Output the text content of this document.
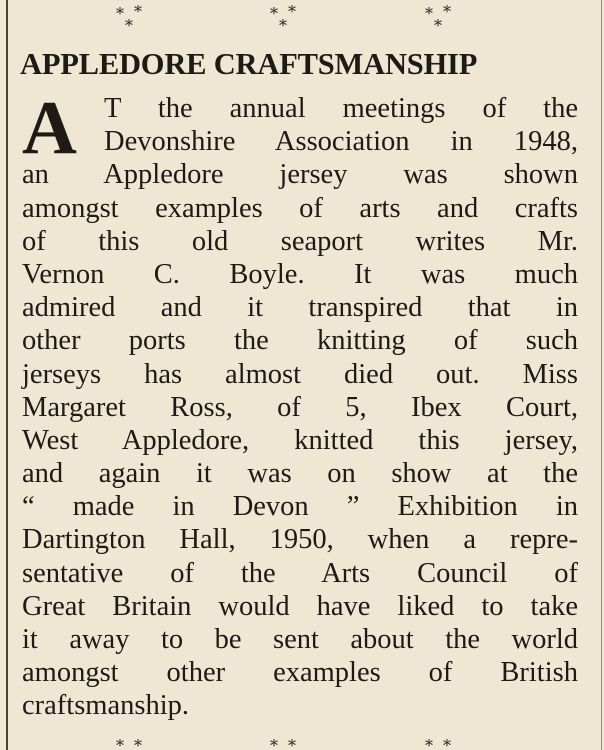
* *
*
* *
*
* *
*
APPLEDORE CRAFTSMANSHIP
A T the annual meetings of the
Devonshire Association in 1948,
an Appledore jersey was shown
amongst examples of arts and crafts
of this old seaport writes Mr.
Vernon C. Boyle. It was much
admired and it transpired that in
other ports the knitting of such
jerseys has almost died out. Miss
Margaret Ross, of 5, Ibex Court,
West Appledore, knitted this jersey,
and again it was on show at the
“ made in Devon ” Exhibition in
Dartington Hall, 1950, when a repre-
sentative of the Arts Council of
Great Britain would have liked to take
it away to be sent about the world
amongst other examples of British
craftsmanship.
* *	* *	* *
